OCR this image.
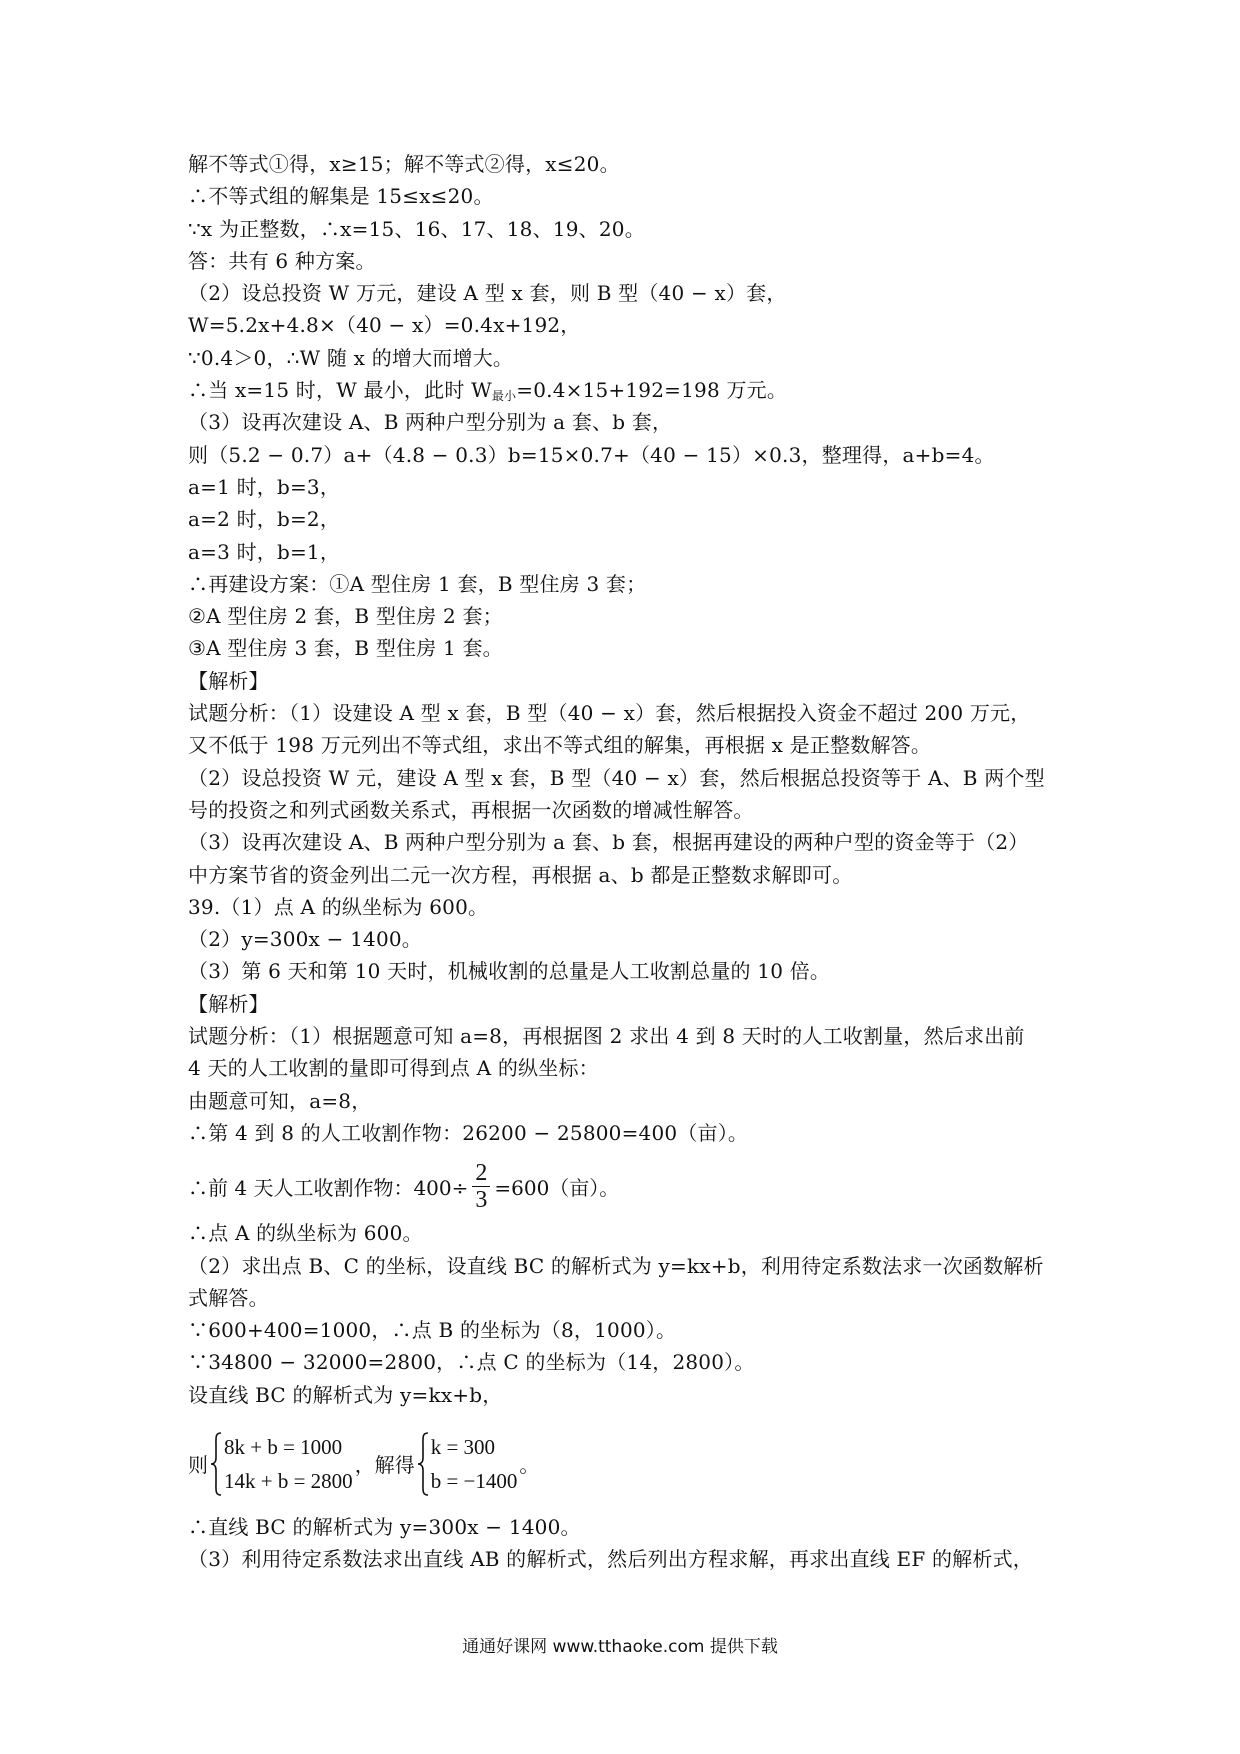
解不等式①得，x≥15；解不等式②得，x≤20。
∴不等式组的解集是 15≤x≤20。
∵x 为正整数，∴x=15、16、17、18、19、20。
答：共有 6 种方案。
（2）设总投资 W 万元，建设 A 型 x 套，则 B 型（40 − x）套，
W=5.2x+4.8×（40 − x）=0.4x+192，
∵0.4＞0，∴W 随 x 的增大而增大。
∴当 x=15 时，W 最小，此时 $W_{最小}=0.4\times 15+192=198$ 万元。
（3）设再次建设 A、B 两种户型分别为 a 套、b 套，
则（5.2 − 0.7）a+（4.8 − 0.3）b=15×0.7+（40 − 15）×0.3，整理得，a+b=4。
a=1 时，b=3，
a=2 时，b=2，
a=3 时，b=1，
∴再建设方案：①A 型住房 1 套，B 型住房 3 套；
②A 型住房 2 套，B 型住房 2 套；
③A 型住房 3 套，B 型住房 1 套。
【解析】
试题分析：（1）设建设 A 型 x 套，B 型（40 − x）套，然后根据投入资金不超过 200 万元，
又不低于 198 万元列出不等式组，求出不等式组的解集，再根据 x 是正整数解答。
（2）设总投资 W 元，建设 A 型 x 套，B 型（40 − x）套，然后根据总投资等于 A、B 两个型
号的投资之和列式函数关系式，再根据一次函数的增减性解答。
（3）设再次建设 A、B 两种户型分别为 a 套、b 套，根据再建设的两种户型的资金等于（2）
中方案节省的资金列出二元一次方程，再根据 a、b 都是正整数求解即可。
39.（1）点 A 的纵坐标为 600。
（2）y=300x − 1400。
（3）第 6 天和第 10 天时，机械收割的总量是人工收割总量的 10 倍。
【解析】
试题分析：（1）根据题意可知 a=8，再根据图 2 求出 4 到 8 天时的人工收割量，然后求出前
4 天的人工收割的量即可得到点 A 的纵坐标：
由题意可知，a=8，
∴第 4 到 8 的人工收割作物：26200 − 25800=400（亩）。
∴前 4 天人工收割作物：$400\div \frac{2}{3} =600$（亩）。
∴点 A 的纵坐标为 600。
（2）求出点 B、C 的坐标，设直线 BC 的解析式为 y=kx+b，利用待定系数法求一次函数解析
式解答。
∵600+400=1000，∴点 B 的坐标为（8，1000）。
∵34800 − 32000=2800，∴点 C 的坐标为（14，2800）。
设直线 BC 的解析式为 y=kx+b，
则
8k + b = 1000
14k + b = 2800
，解得
k = 300
b = −1400
。
∴直线 BC 的解析式为 y=300x − 1400。
（3）利用待定系数法求出直线 AB 的解析式，然后列出方程求解，再求出直线 EF 的解析式，
通通好课网 www.tthaoke.com 提供下载
